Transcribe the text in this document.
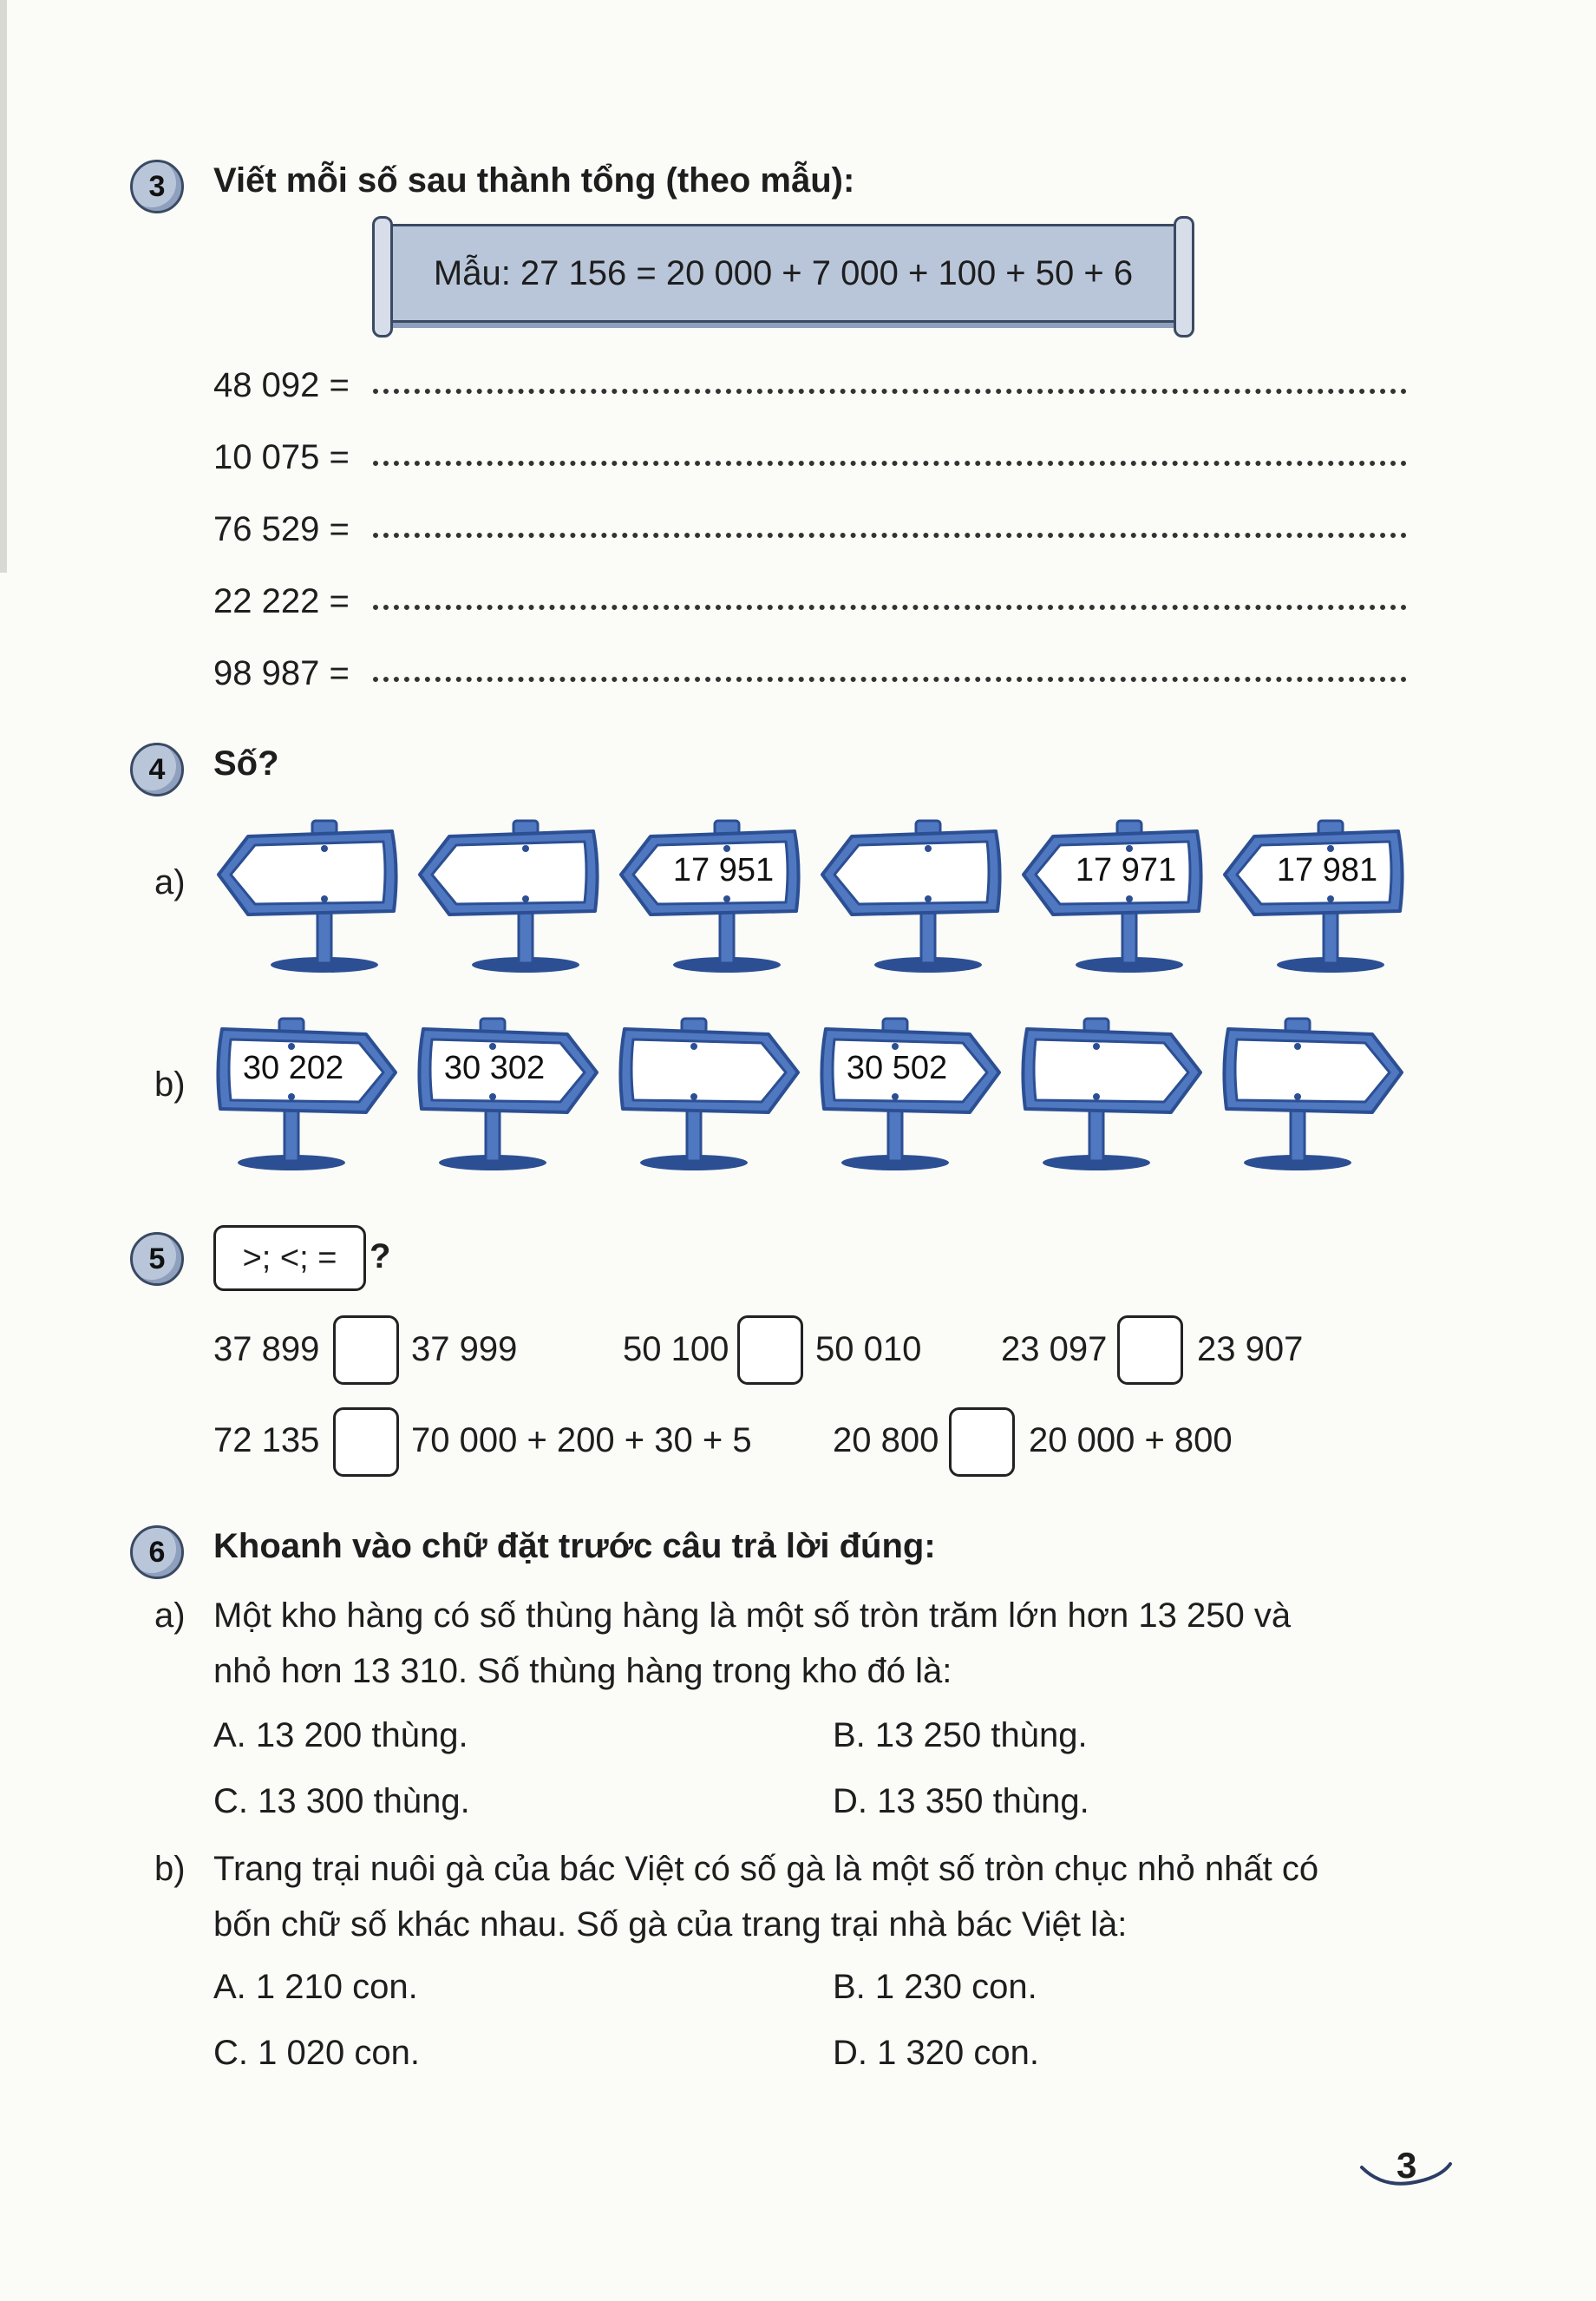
3	Viết mỗi số sau thành tổng (theo mẫu):
Mẫu: 27 156 = 20 000 + 7 000 + 100 + 50 + 6
48 092 =
10 075 =
76 529 =
22 222 =
98 987 =
4	Số?
a)
b)
17 951	17 971	17 981
30 202	30 302	30 502
5	>; <; = ?
37 899	37 999	50 100 50 010 23 097	23 907
72 135	70 000 + 200 + 30 + 5 20 800	20 000 + 800
6	Khoanh vào chữ đặt trước câu trả lời đúng:
a) Một kho hàng có số thùng hàng là một số tròn trăm lớn hơn 13 250 và
nhỏ hơn 13 310. Số thùng hàng trong kho đó là:
A. 13 200 thùng.	B. 13 250 thùng.
C. 13 300 thùng.	D. 13 350 thùng.
b) Trang trại nuôi gà của bác Việt có số gà là một số tròn chục nhỏ nhất có
bốn chữ số khác nhau. Số gà của trang trại nhà bác Việt là:
A. 1 210 con.	B. 1 230 con.
C. 1 020 con.	D. 1 320 con.
3
